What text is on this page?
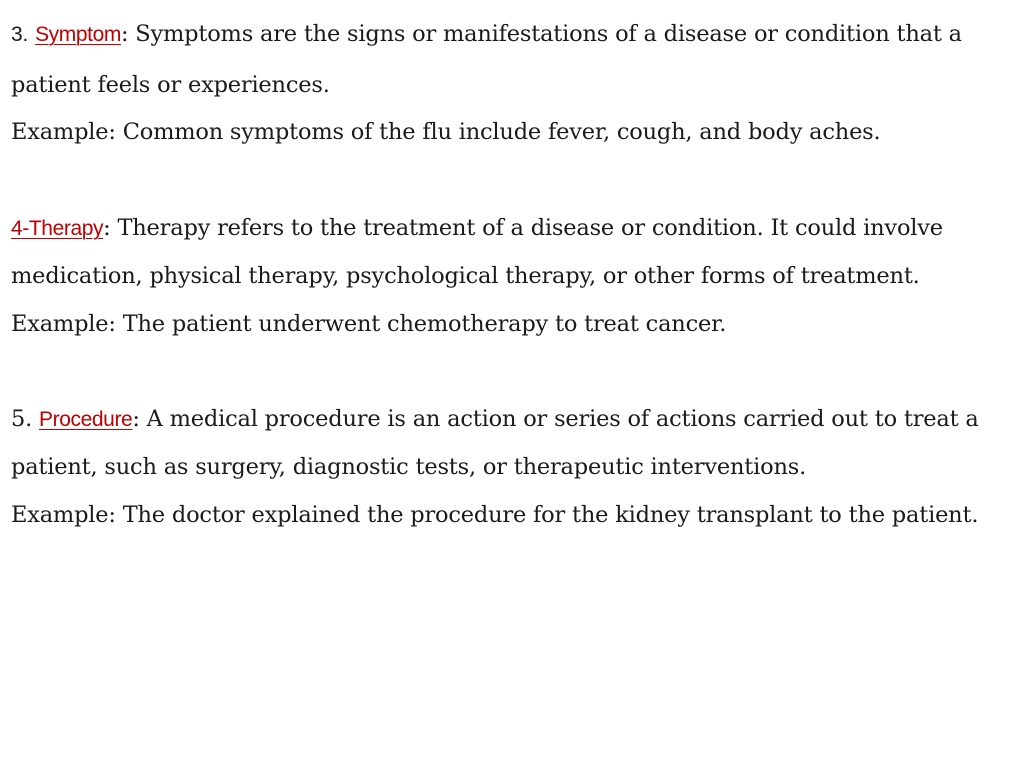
3. Symptom: Symptoms are the signs or manifestations of a disease or condition that a
patient feels or experiences.
Example: Common symptoms of the flu include fever, cough, and body aches.
4-Therapy: Therapy refers to the treatment of a disease or condition. It could involve
medication, physical therapy, psychological therapy, or other forms of treatment.
Example: The patient underwent chemotherapy to treat cancer.
5. Procedure: A medical procedure is an action or series of actions carried out to treat a
patient, such as surgery, diagnostic tests, or therapeutic interventions.
Example: The doctor explained the procedure for the kidney transplant to the patient.
